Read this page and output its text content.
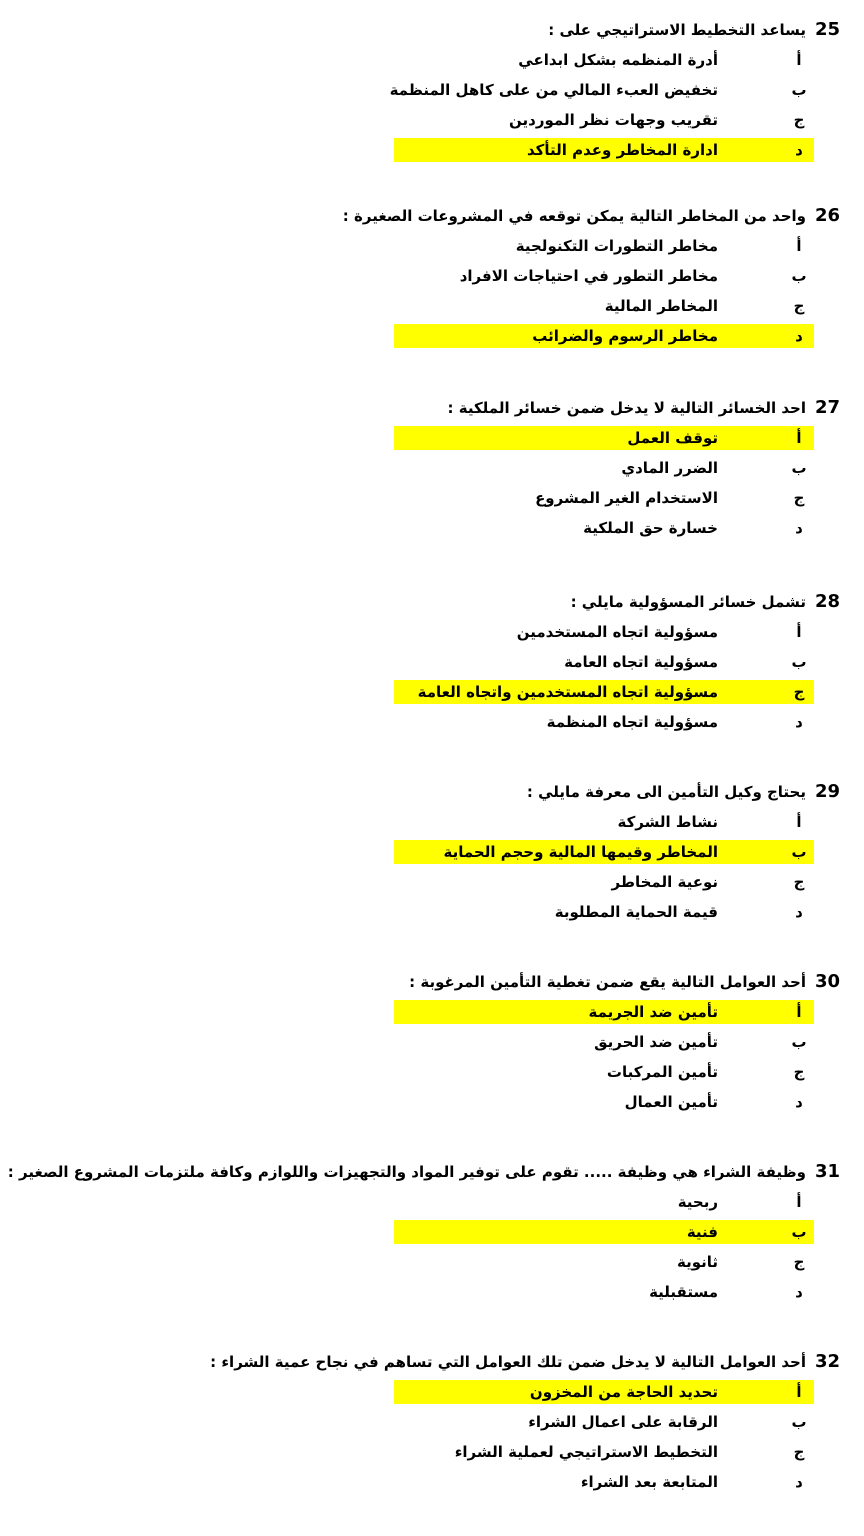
25
يساعد التخطيط الاستراتيجي على :
أ
أدرة المنظمه بشكل ابداعي
ب
تخفيض العبء المالي من على كاهل المنظمة
ج
تقريب وجهات نظر الموردين
د
ادارة المخاطر وعدم التأكد
26
واحد من المخاطر التالية يمكن توقعه في المشروعات الصغيرة :
أ
مخاطر التطورات التكنولجية
ب
مخاطر التطور في احتياجات الافراد
ج
المخاطر المالية
د
مخاطر الرسوم والضرائب
27
احد الخسائر التالية لا يدخل ضمن خسائر الملكية :
أ
توقف العمل
ب
الضرر المادي
ج
الاستخدام الغير المشروع
د
خسارة حق الملكية
28
تشمل خسائر المسؤولية مايلي :
أ
مسؤولية اتجاه المستخدمين
ب
مسؤولية اتجاه العامة
ج
مسؤولية اتجاه المستخدمين واتجاه العامة
د
مسؤولية اتجاه المنظمة
29
يحتاج وكيل التأمين الى معرفة مايلي :
أ
نشاط الشركة
ب
المخاطر وقيمها المالية وحجم الحماية
ج
نوعية المخاطر
د
قيمة الحماية المطلوبة
30
أحد العوامل التالية يقع ضمن تغطية التأمين المرغوبة :
أ
تأمين ضد الجريمة
ب
تأمين ضد الحريق
ج
تأمين المركبات
د
تأمين العمال
31
وظيفة الشراء هي وظيفة ..... تقوم على توفير المواد والتجهيزات واللوازم وكافة ملتزمات المشروع الصغير :
أ
ربحية
ب
فنية
ج
ثانوية
د
مستقبلية
32
أحد العوامل التالية لا يدخل ضمن تلك العوامل التي تساهم في نجاح عمية الشراء :
أ
تحديد الحاجة من المخزون
ب
الرقابة على اعمال الشراء
ج
التخطيط الاستراتيجي لعملية الشراء
د
المتابعة بعد الشراء
